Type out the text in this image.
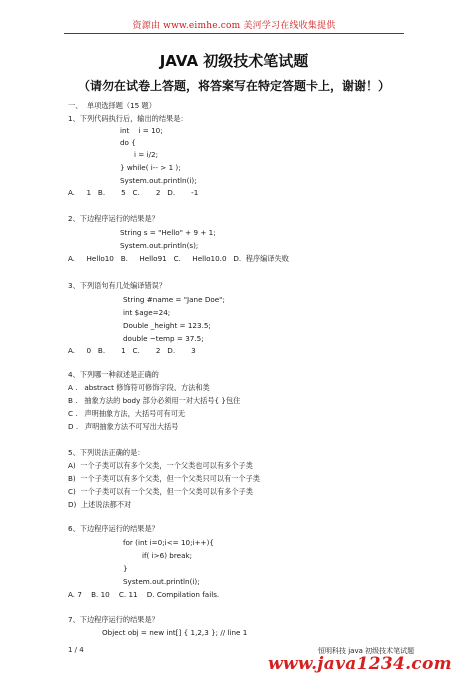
资源由 www.eimhe.com 美河学习在线收集提供
JAVA 初级技术笔试题
（请勿在试卷上答题，将答案写在特定答题卡上，谢谢！）
一、  单项选择题（15 题）
1、下列代码执行后，输出的结果是：
int    i = 10;
do {
i = i/2;
} while( i-- > 1 );
System.out.println(i);
A.     1   B.       5   C.       2   D.       -1
2、下边程序运行的结果是？
String s = "Hello" + 9 + 1;
System.out.println(s);
A.     Hello10   B.     Hello91   C.     Hello10.0   D.  程序编译失败
3、下列语句有几处编译错误？
String #name = "Jane Doe";
int $age=24;
Double _height = 123.5;
double ~temp = 37.5;
A.     0   B.       1   C.       2   D.       3
4、下列哪一种叙述是正确的
A .   abstract 修饰符可修饰字段、方法和类
B .   抽象方法的 body 部分必须用一对大括号{ }包住
C .   声明抽象方法，大括号可有可无
D .   声明抽象方法不可写出大括号
5、下列说法正确的是：
A)  一个子类可以有多个父类，一个父类也可以有多个子类
B)  一个子类可以有多个父类，但一个父类只可以有一个子类
C)  一个子类可以有一个父类，但一个父类可以有多个子类
D)  上述说法都不对
6、下边程序运行的结果是？
for (int i=0;i<= 10;i++){
if( i>6) break;
}
System.out.println(i);
A. 7    B. 10    C. 11    D. Compilation fails.
7、下边程序运行的结果是？
Object obj = new int[] { 1,2,3 }; // line 1
1 / 4	恒明科技 java 初级技术笔试题
www.java1234.com
